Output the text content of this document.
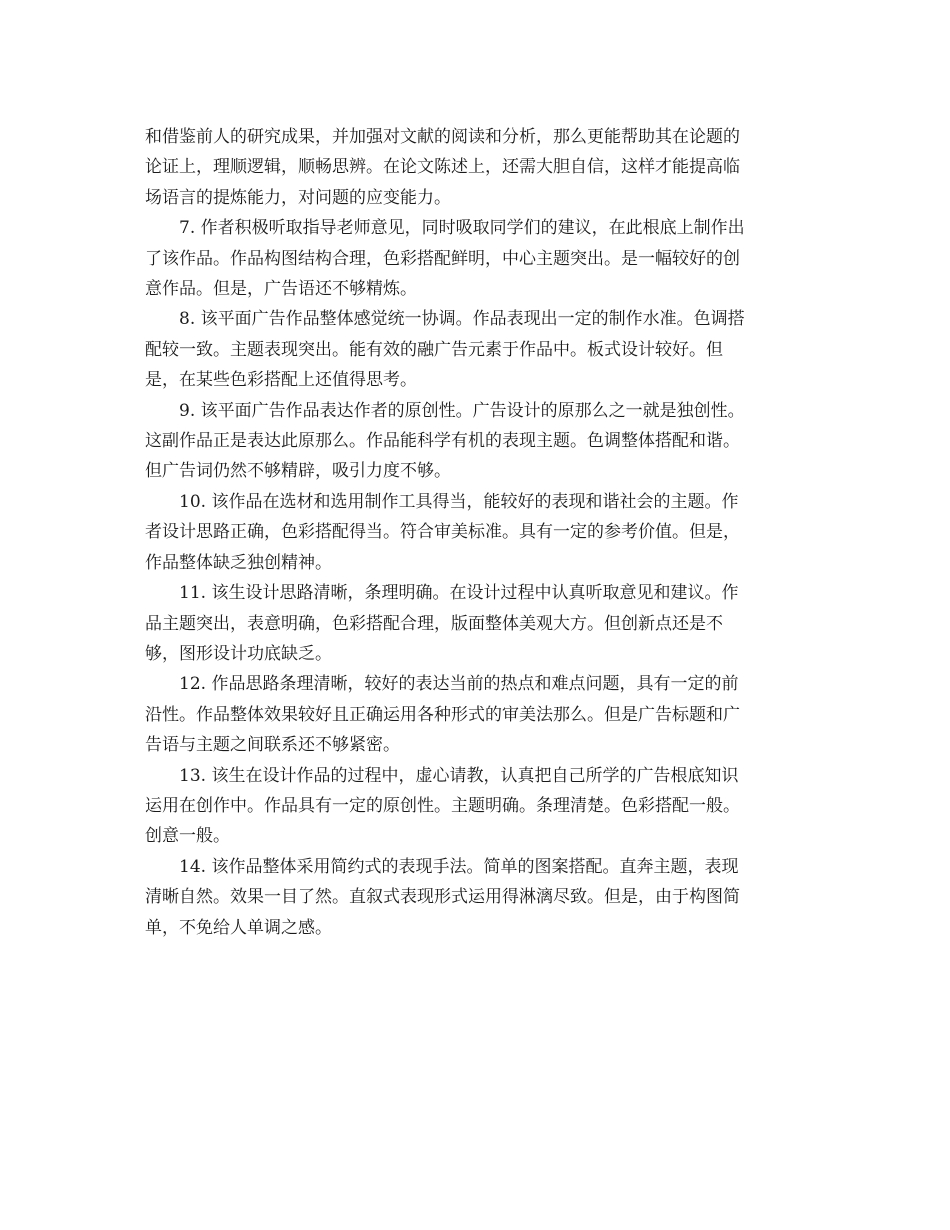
和借鉴前人的研究成果，并加强对文献的阅读和分析，那么更能帮助其在论题的
论证上，理顺逻辑，顺畅思辨。在论文陈述上，还需大胆自信，这样才能提高临
场语言的提炼能力，对问题的应变能力。

7. 作者积极听取指导老师意见，同时吸取同学们的建议，在此根底上制作出
了该作品。作品构图结构合理，色彩搭配鲜明，中心主题突出。是一幅较好的创
意作品。但是，广告语还不够精炼。

8. 该平面广告作品整体感觉统一协调。作品表现出一定的制作水准。色调搭
配较一致。主题表现突出。能有效的融广告元素于作品中。板式设计较好。但
是，在某些色彩搭配上还值得思考。

9. 该平面广告作品表达作者的原创性。广告设计的原那么之一就是独创性。
这副作品正是表达此原那么。作品能科学有机的表现主题。色调整体搭配和谐。
但广告词仍然不够精辟，吸引力度不够。

10. 该作品在选材和选用制作工具得当，能较好的表现和谐社会的主题。作
者设计思路正确，色彩搭配得当。符合审美标准。具有一定的参考价值。但是，
作品整体缺乏独创精神。

11. 该生设计思路清晰，条理明确。在设计过程中认真听取意见和建议。作
品主题突出，表意明确，色彩搭配合理，版面整体美观大方。但创新点还是不
够，图形设计功底缺乏。

12. 作品思路条理清晰，较好的表达当前的热点和难点问题，具有一定的前
沿性。作品整体效果较好且正确运用各种形式的审美法那么。但是广告标题和广
告语与主题之间联系还不够紧密。

13. 该生在设计作品的过程中，虚心请教，认真把自己所学的广告根底知识
运用在创作中。作品具有一定的原创性。主题明确。条理清楚。色彩搭配一般。
创意一般。

14. 该作品整体采用简约式的表现手法。简单的图案搭配。直奔主题，表现
清晰自然。效果一目了然。直叙式表现形式运用得淋漓尽致。但是，由于构图简
单，不免给人单调之感。
